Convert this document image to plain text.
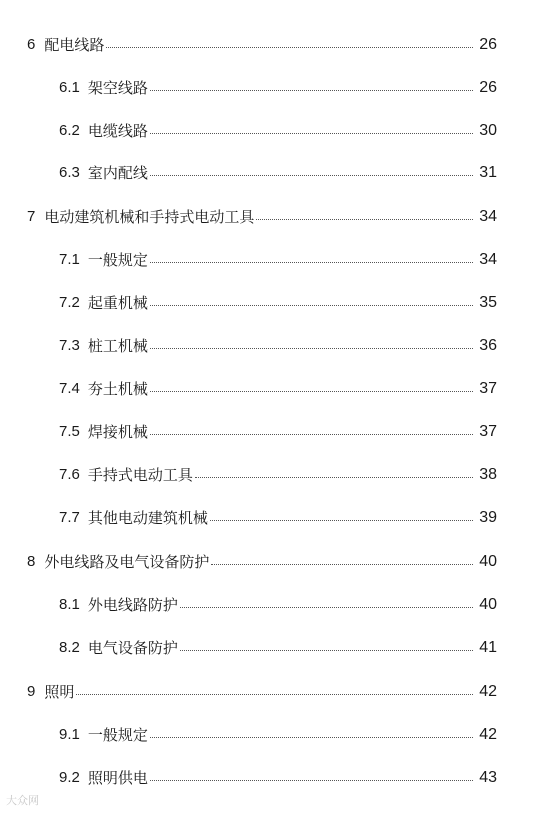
6 配电线路	26
6.1 架空线路	26
6.2 电缆线路	30
6.3 室内配线	31
7 电动建筑机械和手持式电动工具	34
7.1 一般规定	34
7.2 起重机械	35
7.3 桩工机械	36
7.4 夯土机械	37
7.5 焊接机械	37
7.6 手持式电动工具	38
7.7 其他电动建筑机械	39
8 外电线路及电气设备防护	40
8.1 外电线路防护	40
8.2 电气设备防护	41
9 照明	42
9.1 一般规定	42
9.2 照明供电	43
大众网
